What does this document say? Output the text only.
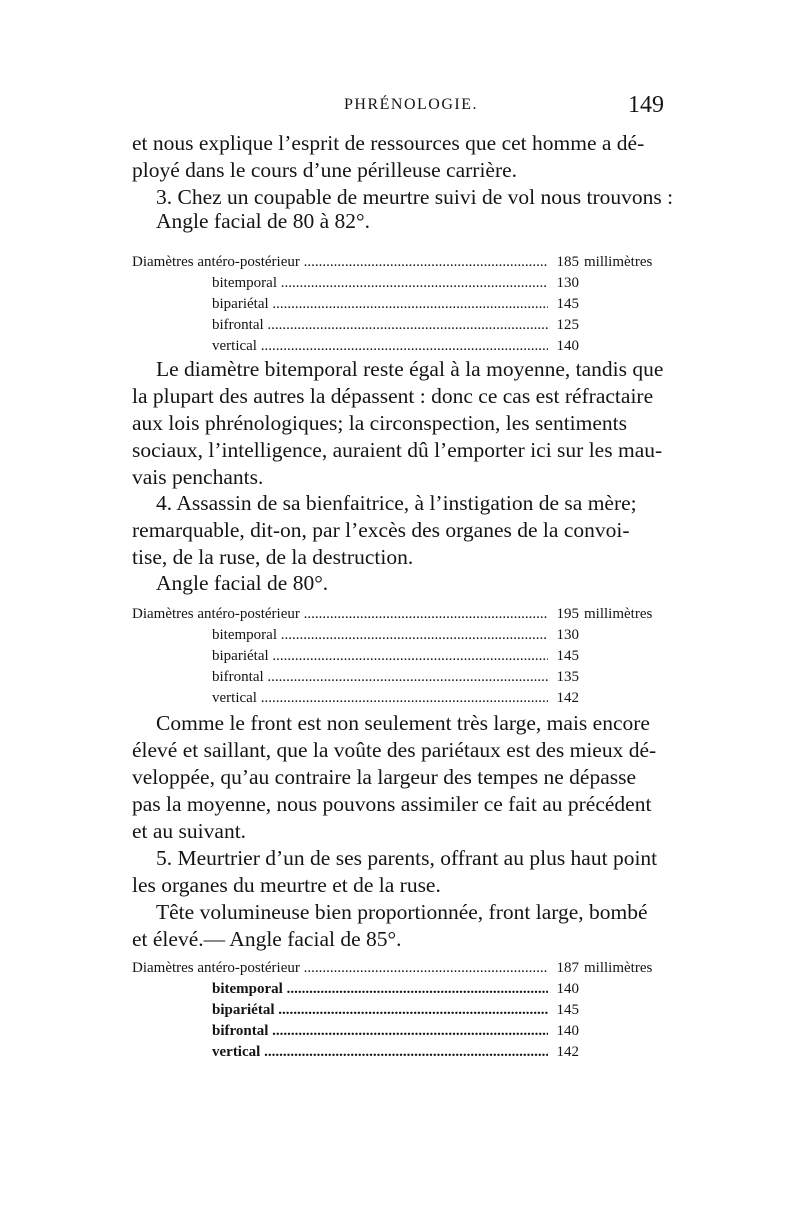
PHRÉNOLOGIE.	149
et nous explique l’esprit de ressources que cet homme a dé-
ployé dans le cours d’une périlleuse carrière.
3. Chez un coupable de meurtre suivi de vol nous trouvons :
Angle facial de 80 à 82°.
Diamètres antéro-postérieur .....	185 millimètres
bitemporal .....	130
bipariétal .....	145
bifrontal .....	125
vertical .....	140
Le diamètre bitemporal reste égal à la moyenne, tandis que
la plupart des autres la dépassent : donc ce cas est réfractaire
aux lois phrénologiques; la circonspection, les sentiments
sociaux, l’intelligence, auraient dû l’emporter ici sur les mau-
vais penchants.
4. Assassin de sa bienfaitrice, à l’instigation de sa mère;
remarquable, dit-on, par l’excès des organes de la convoi-
tise, de la ruse, de la destruction.
Angle facial de 80°.
Diamètres antéro-postérieur .....	195 millimètres
bitemporal .....	130
bipariétal .....	145
bifrontal .....	135
vertical .....	142
Comme le front est non seulement très large, mais encore
élevé et saillant, que la voûte des pariétaux est des mieux dé-
veloppée, qu’au contraire la largeur des tempes ne dépasse
pas la moyenne, nous pouvons assimiler ce fait au précédent
et au suivant.
5. Meurtrier d’un de ses parents, offrant au plus haut point
les organes du meurtre et de la ruse.
Tête volumineuse bien proportionnée, front large, bombé
et élevé.— Angle facial de 85°.
Diamètres antéro-postérieur .....	187 millimètres
bitemporal .....	140
bipariétal .....	145
bifrontal .....	140
vertical .....	142
